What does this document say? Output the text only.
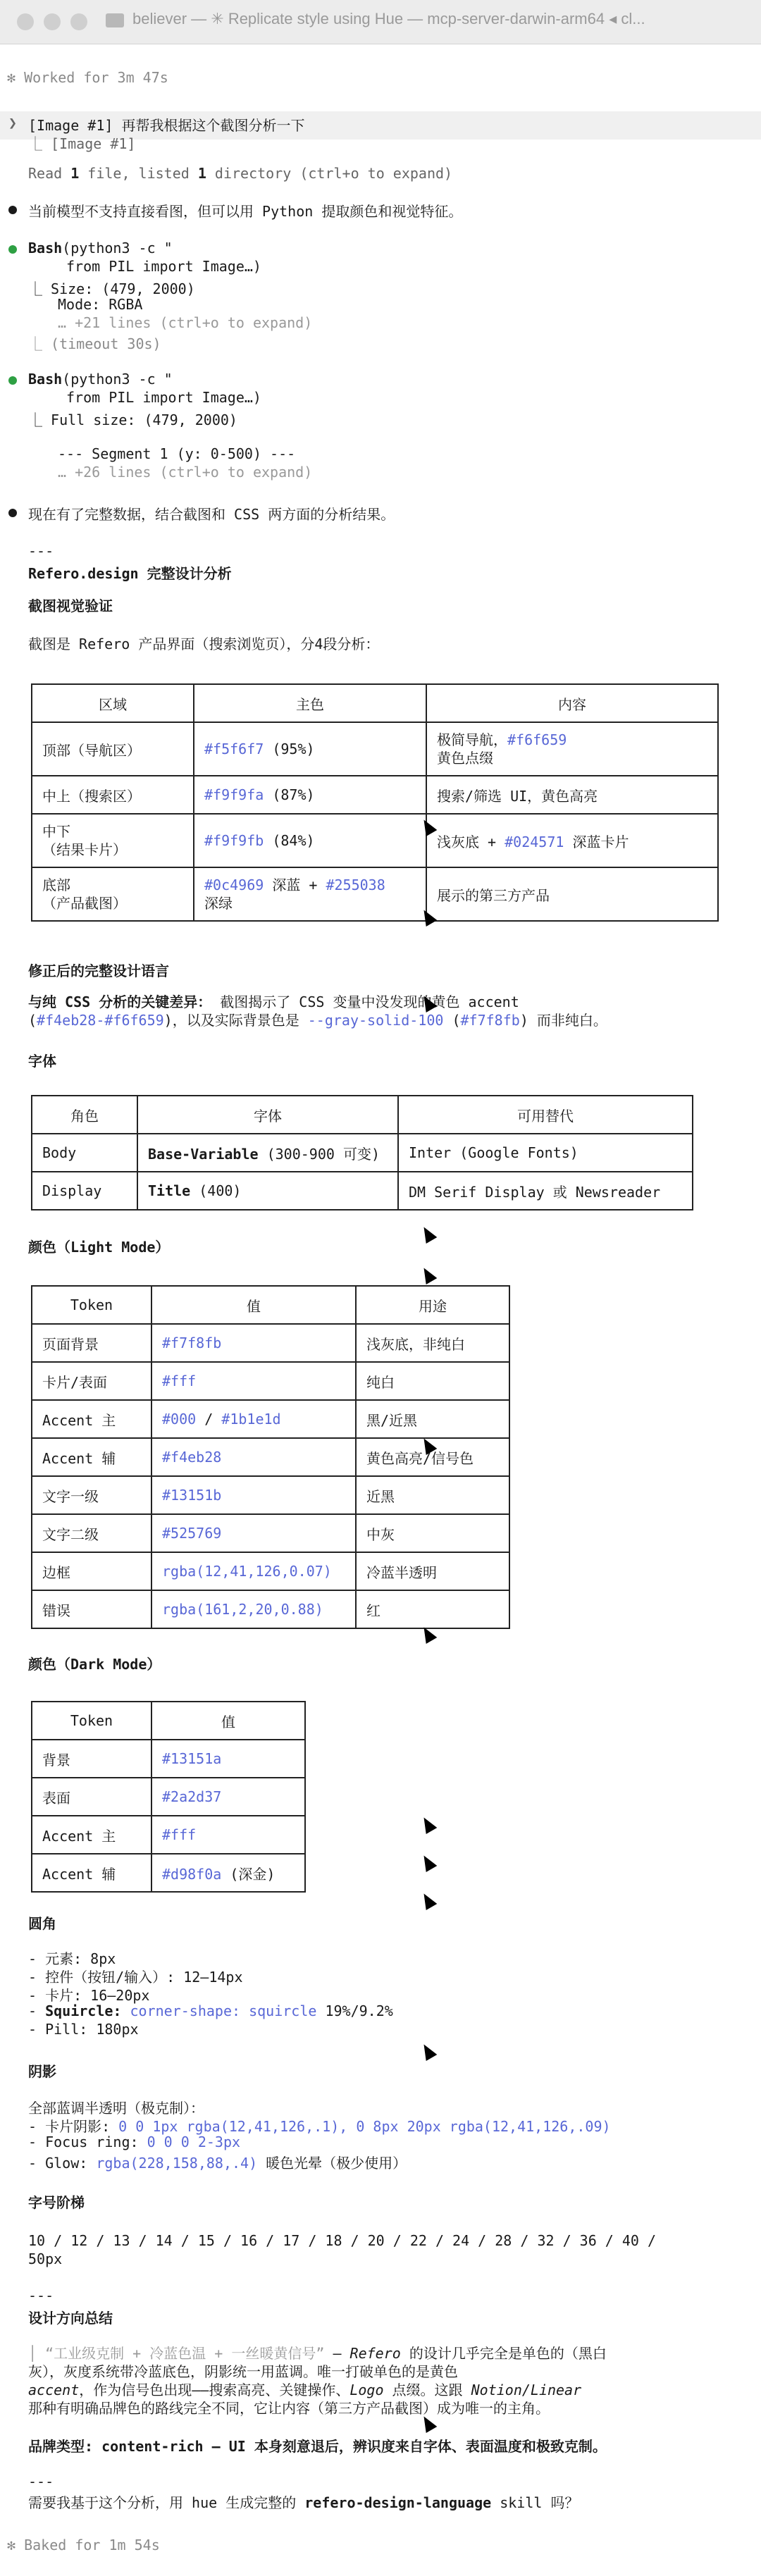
believer — ✳ Replicate style using Hue — mcp-server-darwin-arm64 ◂ cl...
✻ Worked for 3m 47s
❯ [Image #1] 再帮我根据这个截图分析一下
⎿ [Image #1]
Read 1 file, listed 1 directory (ctrl+o to expand)
当前模型不支持直接看图，但可以用 Python 提取颜色和视觉特征。
Bash(python3 -c "
from PIL import Image…)
⎿ Size: (479, 2000)
Mode: RGBA
… +21 lines (ctrl+o to expand)
⎿ (timeout 30s)
Bash(python3 -c "
from PIL import Image…)
⎿ Full size: (479, 2000)
--- Segment 1 (y: 0-500) ---
… +26 lines (ctrl+o to expand)
现在有了完整数据，结合截图和 CSS 两方面的分析结果。
---
Refero.design 完整设计分析
截图视觉验证
截图是 Refero 产品界面（搜索浏览页），分4段分析：
区域	主色	内容
顶部（导航区）	#f5f6f7 (95%)	极简导航，#f6f659
黄色点缀
中上（搜索区）	#f9f9fa (87%)	搜索/筛选 UI，黄色高亮
中下
（结果卡片）	#f9f9fb (84%)	浅灰底 + #024571 深蓝卡片
底部
（产品截图）	#0c4969 深蓝 + #255038
深绿	展示的第三方产品
修正后的完整设计语言
与纯 CSS 分析的关键差异： 截图揭示了 CSS 变量中没发现的黄色 accent
(#f4eb28-#f6f659)，以及实际背景色是 --gray-solid-100 (#f7f8fb) 而非纯白。
字体
角色	字体	可用替代
Body	Base-Variable (300-900 可变)	Inter (Google Fonts)
Display	Title (400)	DM Serif Display 或 Newsreader
颜色（Light Mode）
Token	值	用途
页面背景	#f7f8fb	浅灰底，非纯白
卡片/表面	#fff	纯白
Accent 主	#000 / #1b1e1d	黑/近黑
Accent 辅	#f4eb28	黄色高亮/信号色
文字一级	#13151b	近黑
文字二级	#525769	中灰
边框	rgba(12,41,126,0.07)	冷蓝半透明
错误	rgba(161,2,20,0.88)	红
颜色（Dark Mode）
Token	值
背景	#13151a
表面	#2a2d37
Accent 主	#fff
Accent 辅	#d98f0a (深金)
圆角
- 元素: 8px
- 控件（按钮/输入）: 12–14px
- 卡片: 16–20px
- Squircle: corner-shape: squircle 19%/9.2%
- Pill: 180px
阴影
全部蓝调半透明（极克制）：
- 卡片阴影: 0 0 1px rgba(12,41,126,.1), 0 8px 20px rgba(12,41,126,.09)
- Focus ring: 0 0 0 2-3px
- Glow: rgba(228,158,88,.4) 暖色光晕（极少使用）
字号阶梯
10 / 12 / 13 / 14 / 15 / 16 / 17 / 18 / 20 / 22 / 24 / 28 / 32 / 36 / 40 /
50px
---
设计方向总结
│ “工业级克制 + 冷蓝色温 + 一丝暖黄信号” — Refero 的设计几乎完全是单色的（黑白
灰），灰度系统带冷蓝底色，阴影统一用蓝调。唯一打破单色的是黄色
accent，作为信号色出现——搜索高亮、关键操作、Logo 点缀。这跟 Notion/Linear
那种有明确品牌色的路线完全不同，它让内容（第三方产品截图）成为唯一的主角。
品牌类型: content-rich — UI 本身刻意退后，辨识度来自字体、表面温度和极致克制。
---
需要我基于这个分析，用 hue 生成完整的 refero-design-language skill 吗？
✻ Baked for 1m 54s
